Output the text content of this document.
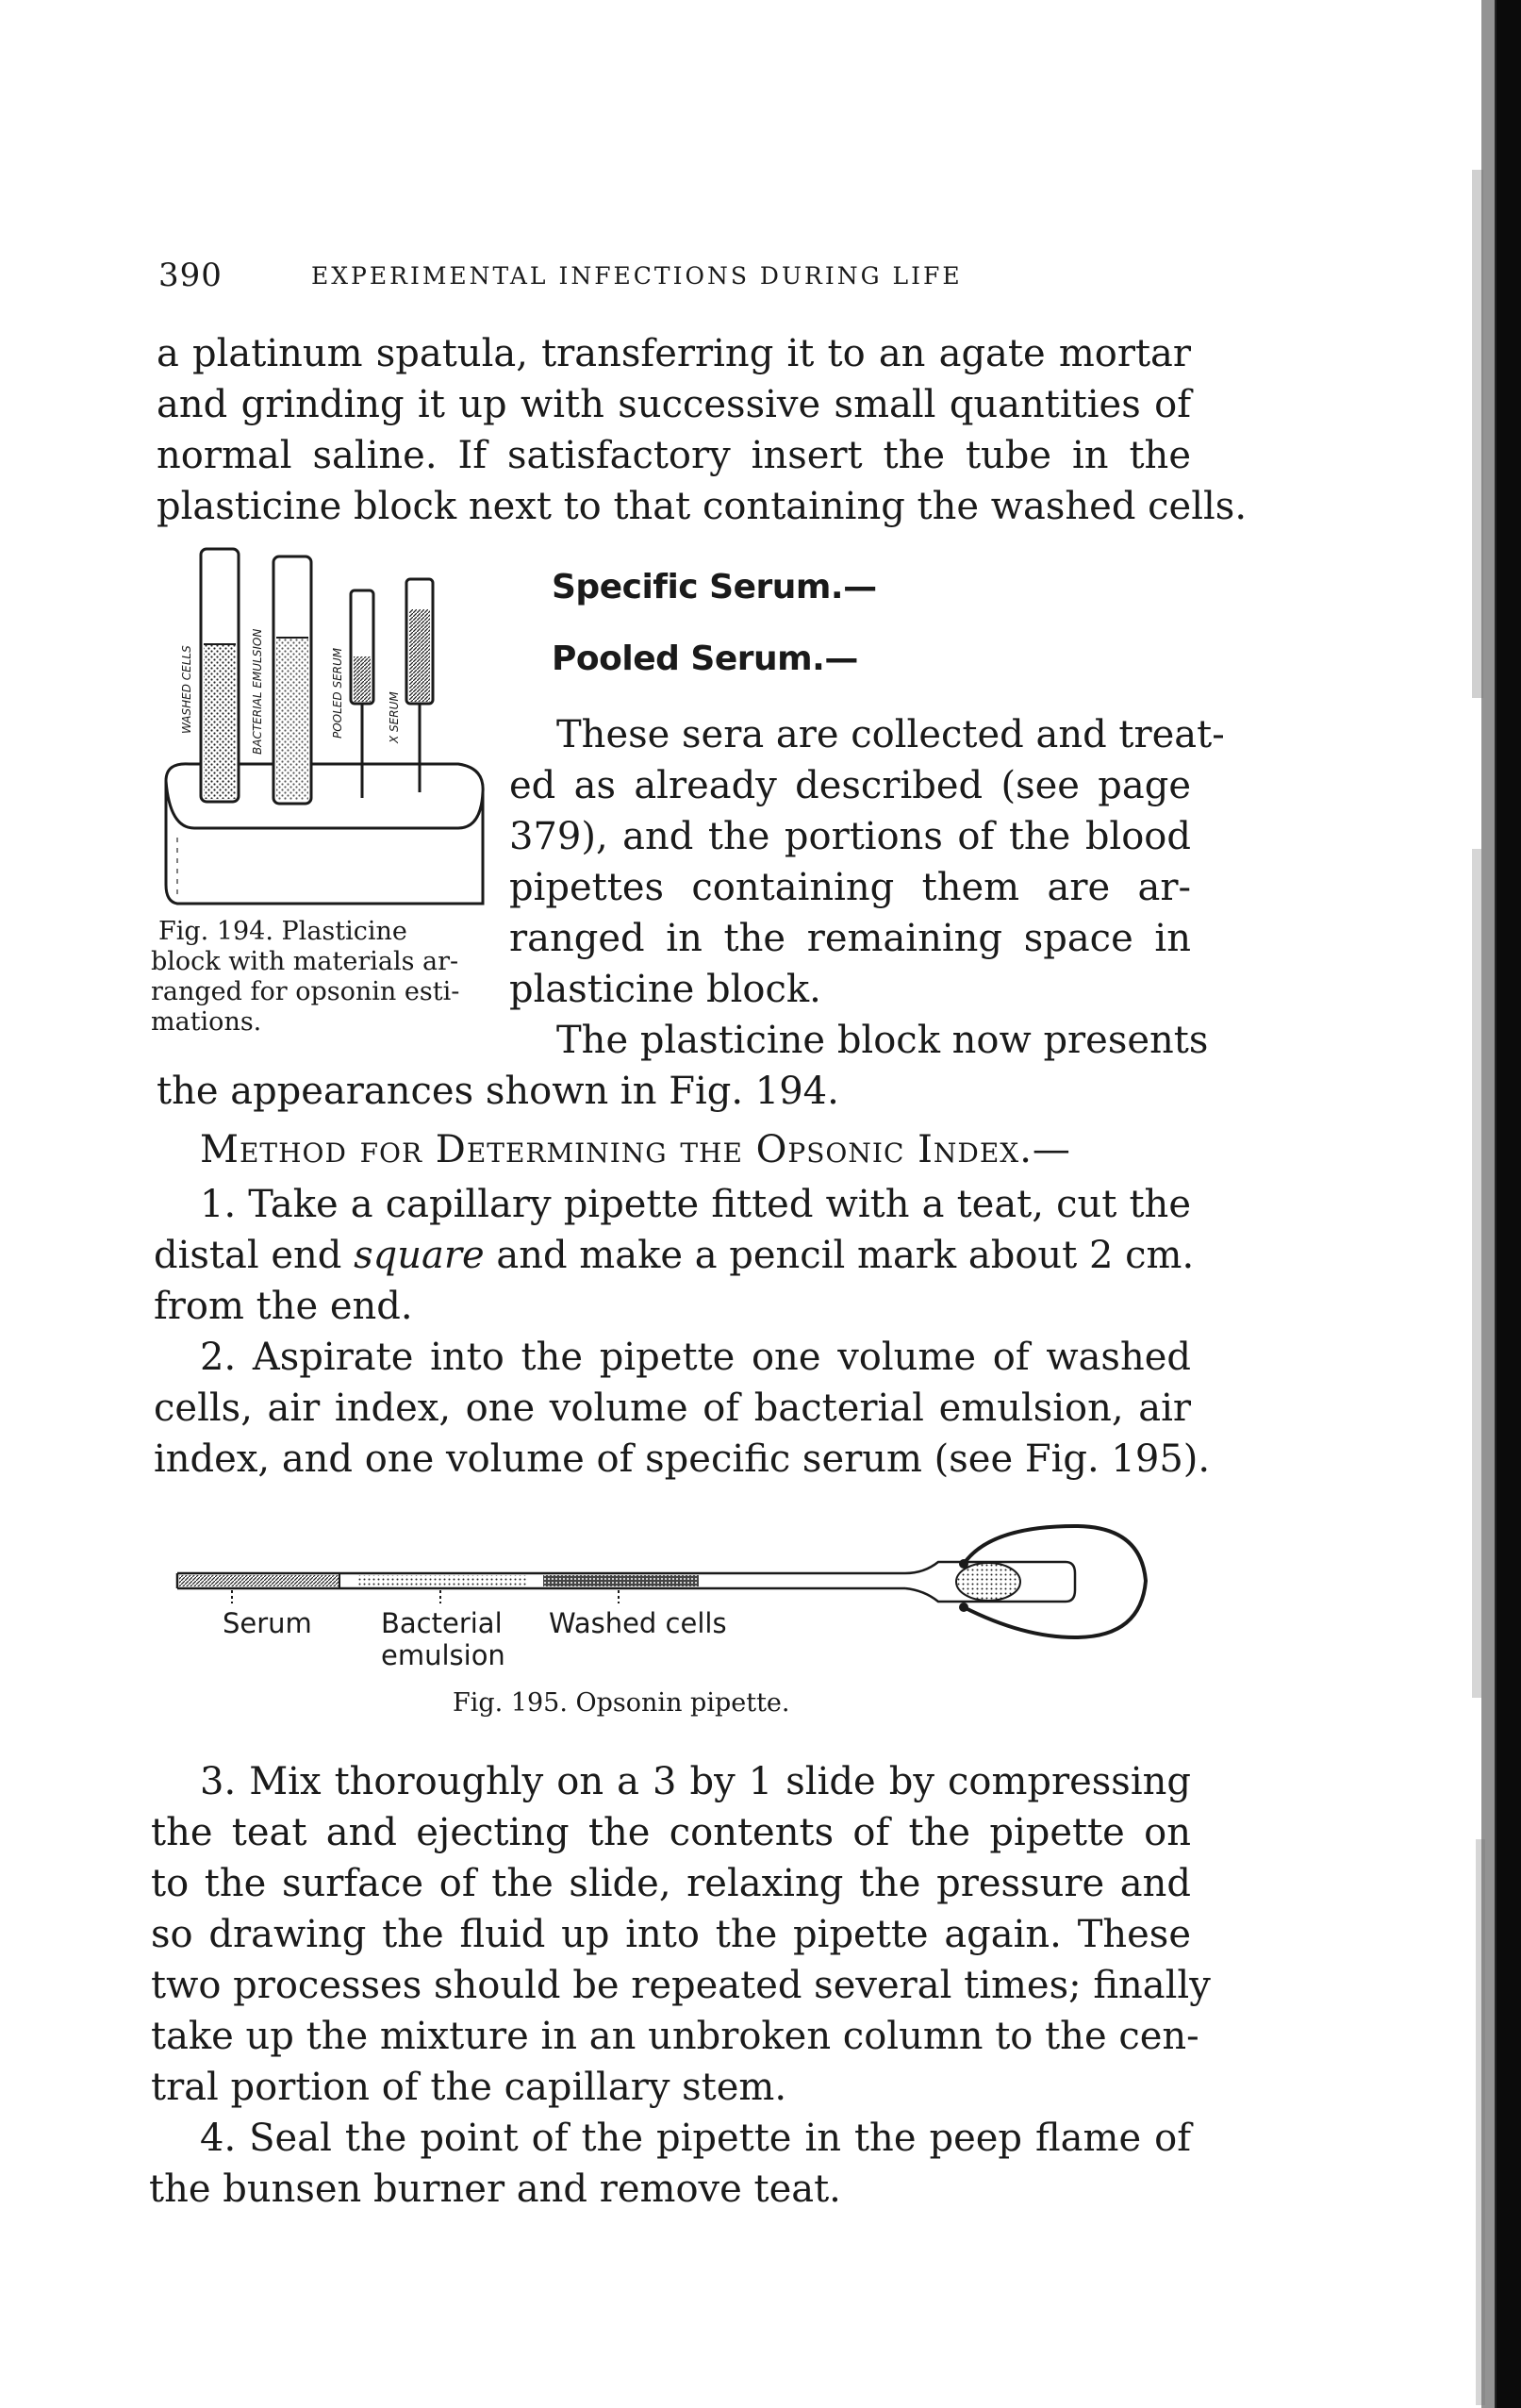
390	EXPERIMENTAL INFECTIONS DURING LIFE
a platinum spatula, transferring it to an agate mortar
and grinding it up with successive small quantities of
normal saline. If satisfactory insert the tube in the
plasticine block next to that containing the washed cells.
WASHED CELLS	BACTERIAL EMULSION	POOLED SERUM	X SERUM
Fig. 194. Plasticine
block with materials ar-
ranged for opsonin esti-
mations.
Specific Serum.—
Pooled Serum.—
These sera are collected and treat-
ed as already described (see page
379), and the portions of the blood
pipettes containing them are ar-
ranged in the remaining space in
plasticine block.
The plasticine block now presents
the appearances shown in Fig. 194.
Method for Determining the Opsonic Index.—
1. Take a capillary pipette fitted with a teat, cut the
distal end square and make a pencil mark about 2 cm.
from the end.
2. Aspirate into the pipette one volume of washed
cells, air index, one volume of bacterial emulsion, air
index, and one volume of specific serum (see Fig. 195).
Serum	Bacterial
emulsion
Washed cells
Fig. 195. Opsonin pipette.
3. Mix thoroughly on a 3 by 1 slide by compressing
the teat and ejecting the contents of the pipette on
to the surface of the slide, relaxing the pressure and
so drawing the fluid up into the pipette again. These
two processes should be repeated several times; finally
take up the mixture in an unbroken column to the cen-
tral portion of the capillary stem.
4. Seal the point of the pipette in the peep flame of
the bunsen burner and remove teat.
